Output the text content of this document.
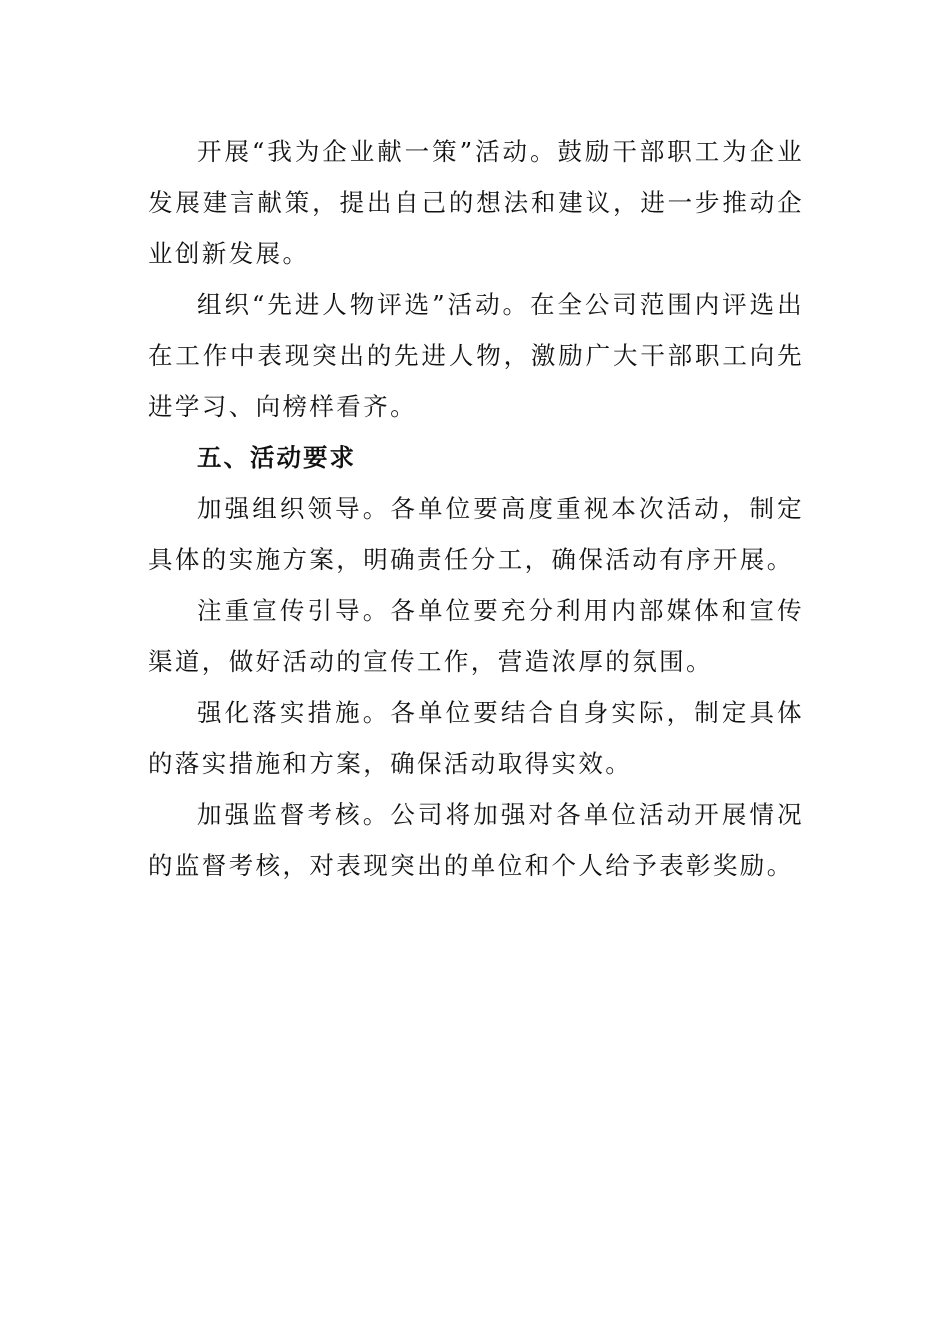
开展“我为企业献一策”活动。鼓励干部职工为企业发展建言献策，提出自己的想法和建议，进一步推动企业创新发展。

组织“先进人物评选”活动。在全公司范围内评选出在工作中表现突出的先进人物，激励广大干部职工向先进学习、向榜样看齐。

五、活动要求

加强组织领导。各单位要高度重视本次活动，制定具体的实施方案，明确责任分工，确保活动有序开展。

注重宣传引导。各单位要充分利用内部媒体和宣传渠道，做好活动的宣传工作，营造浓厚的氛围。

强化落实措施。各单位要结合自身实际，制定具体的落实措施和方案，确保活动取得实效。

加强监督考核。公司将加强对各单位活动开展情况的监督考核，对表现突出的单位和个人给予表彰奖励。
